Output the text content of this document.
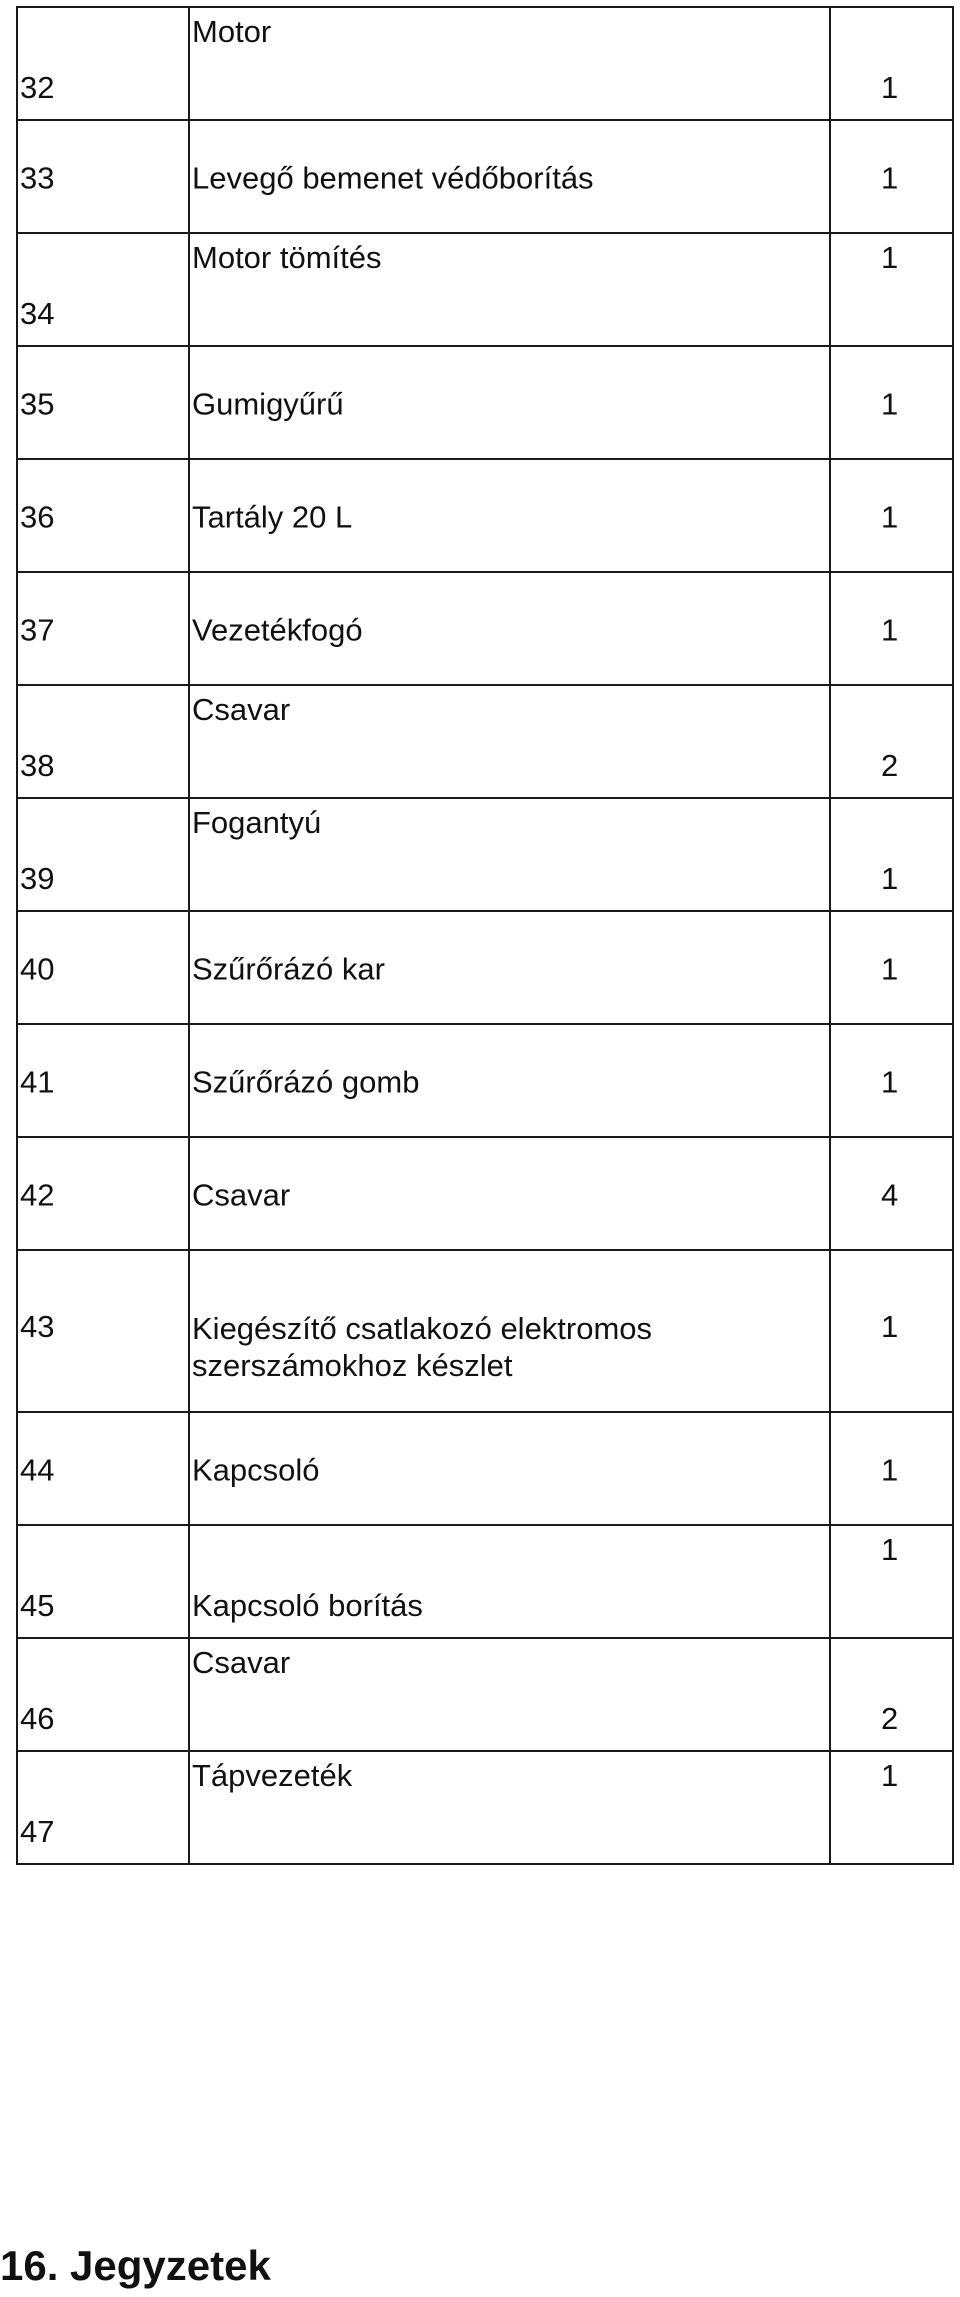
32	Motor	1

33	Levegő bemenet védőborítás	1

34	Motor tömítés	1

35	Gumigyűrű	1

36	Tartály 20 L	1

37	Vezetékfogó	1

38	Csavar	2

39	Fogantyú	1

40	Szűrőrázó kar	1

41	Szűrőrázó gomb	1

42	Csavar	4

43	Kiegészítő csatlakozó elektromos
szerszámokhoz készlet	1

44	Kapcsoló	1

45	Kapcsoló borítás	1

46	Csavar	2

47	Tápvezeték	1
16. Jegyzetek
